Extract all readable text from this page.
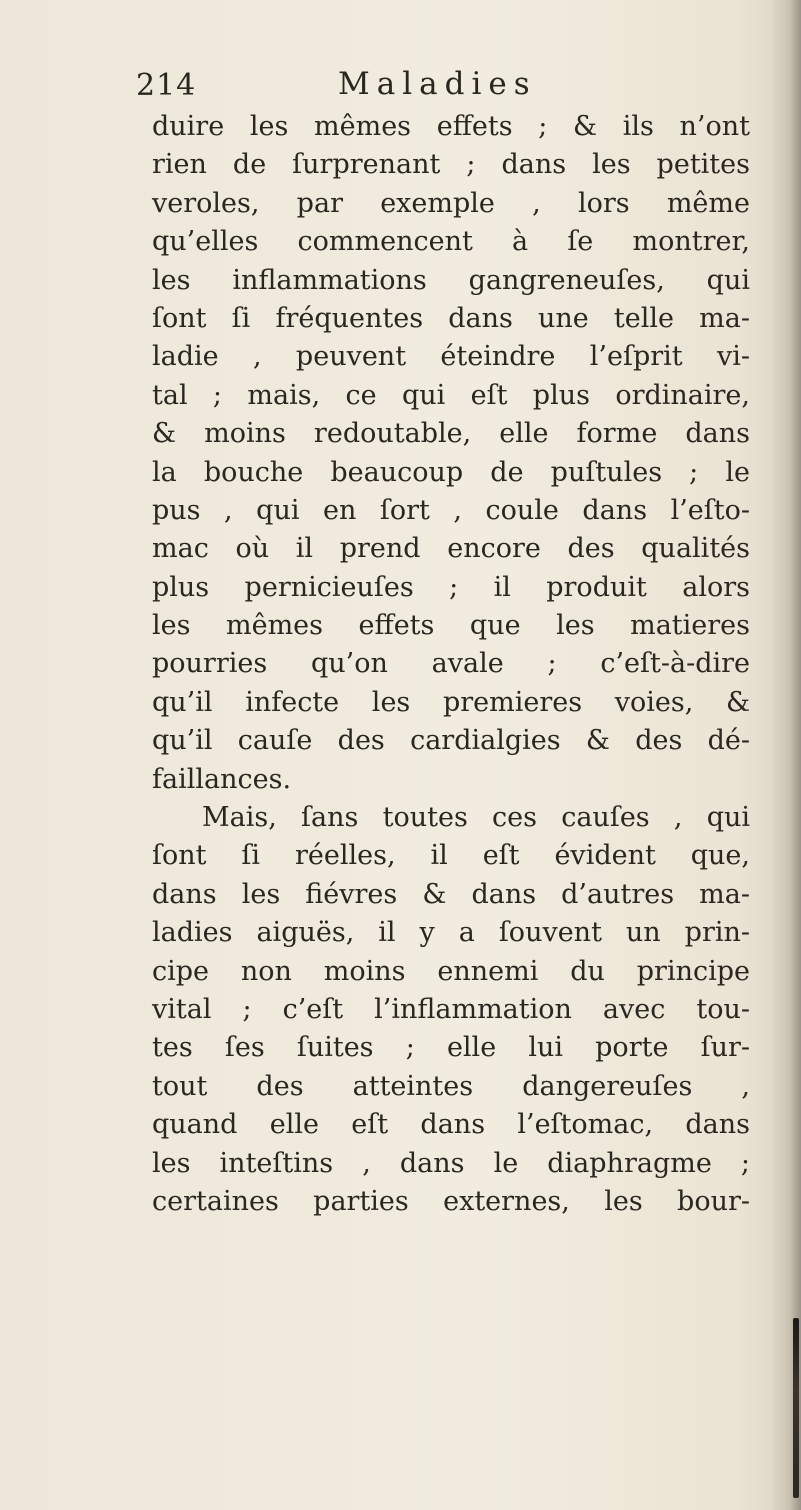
214	Maladies
duire les mêmes effets ; & ils n’ont
rien de ſurprenant ; dans les petites
veroles, par exemple , lors même
qu’elles commencent à ſe montrer,
les inflammations gangreneuſes, qui
ſont ſi fréquentes dans une telle ma-
ladie , peuvent éteindre l’eſprit vi-
tal ; mais, ce qui eſt plus ordinaire,
& moins redoutable, elle forme dans
la bouche beaucoup de puſtules ; le
pus , qui en ſort , coule dans l’eſto-
mac où il prend encore des qualités
plus pernicieuſes ; il produit alors
les mêmes effets que les matieres
pourries qu’on avale ; c’eſt-à-dire
qu’il infecte les premieres voies, &
qu’il cauſe des cardialgies & des dé-
faillances.
Mais, ſans toutes ces cauſes , qui
ſont ſi réelles, il eſt évident que,
dans les fiévres & dans d’autres ma-
ladies aiguës, il y a ſouvent un prin-
cipe non moins ennemi du principe
vital ; c’eſt l’inflammation avec tou-
tes ſes ſuites ; elle lui porte ſur-
tout des atteintes dangereuſes ,
quand elle eſt dans l’eſtomac, dans
les inteſtins , dans le diaphragme ;
certaines parties externes, les bour-
